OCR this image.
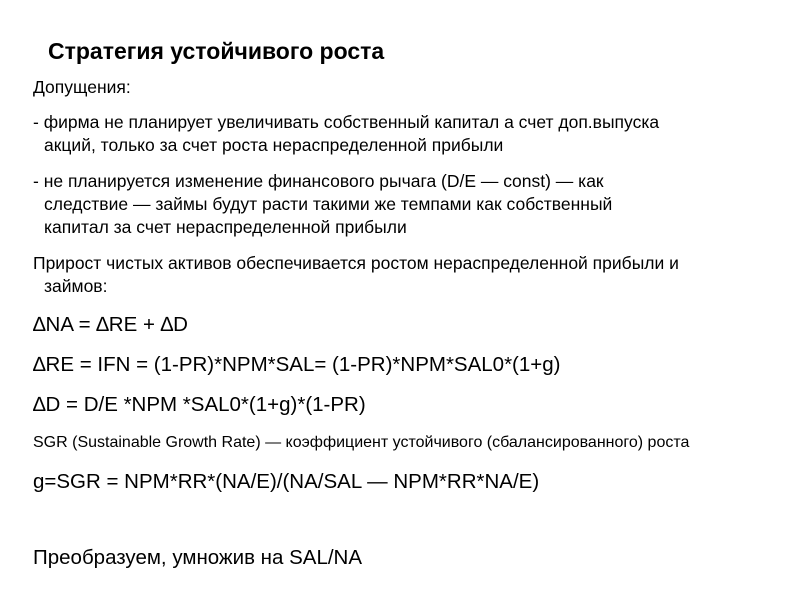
Стратегия устойчивого роста
Допущения:
- фирма не планирует увеличивать собственный капитал а счет доп.выпуска
акций, только за счет роста нераспределенной прибыли
- не планируется изменение финансового рычага (D/E — const) — как
следствие — займы будут расти такими же темпами как собственный
капитал за счет нераспределенной прибыли
Прирост чистых активов обеспечивается ростом нераспределенной прибыли и
займов:
∆NA = ∆RE + ∆D
∆RE = IFN = (1-PR)*NPM*SAL= (1-PR)*NPM*SAL0*(1+g)
∆D = D/E *NPM *SAL0*(1+g)*(1-PR)
SGR (Sustainable Growth Rate) — коэффициент устойчивого (сбалансированного) роста
g=SGR = NPM*RR*(NA/E)/(NA/SAL — NPM*RR*NA/E)
Преобразуем, умножив на SAL/NA
